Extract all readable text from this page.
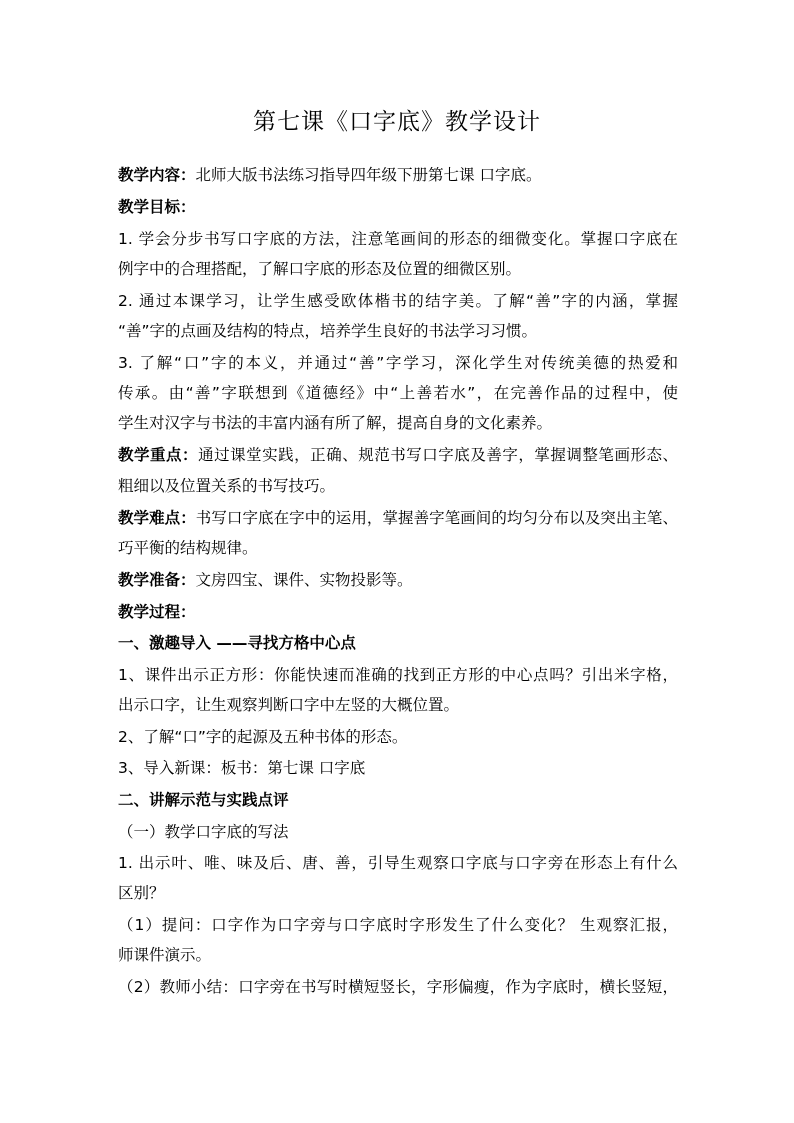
第七课《口字底》教学设计
教学内容：北师大版书法练习指导四年级下册第七课 口字底。
教学目标：
1. 学会分步书写口字底的方法，注意笔画间的形态的细微变化。掌握口字底在
例字中的合理搭配，了解口字底的形态及位置的细微区别。
2. 通过本课学习，让学生感受欧体楷书的结字美。了解“善”字的内涵，掌握
“善”字的点画及结构的特点，培养学生良好的书法学习习惯。
3. 了解“口”字的本义，并通过“善”字学习，深化学生对传统美德的热爱和
传承。由“善”字联想到《道德经》中“上善若水”，在完善作品的过程中，使
学生对汉字与书法的丰富内涵有所了解，提高自身的文化素养。
教学重点：通过课堂实践，正确、规范书写口字底及善字，掌握调整笔画形态、
粗细以及位置关系的书写技巧。
教学难点：书写口字底在字中的运用，掌握善字笔画间的均匀分布以及突出主笔、
巧平衡的结构规律。
教学准备：文房四宝、课件、实物投影等。
教学过程：
一、激趣导入 ——寻找方格中心点
1、课件出示正方形：你能快速而准确的找到正方形的中心点吗？引出米字格，
出示口字，让生观察判断口字中左竖的大概位置。
2、了解“口”字的起源及五种书体的形态。
3、导入新课：板书：第七课 口字底
二、讲解示范与实践点评
（一）教学口字底的写法
1. 出示叶、唯、味及后、唐、善，引导生观察口字底与口字旁在形态上有什么
区别？
（1）提问：口字作为口字旁与口字底时字形发生了什么变化？ 生观察汇报，
师课件演示。
（2）教师小结：口字旁在书写时横短竖长，字形偏瘦，作为字底时，横长竖短，
